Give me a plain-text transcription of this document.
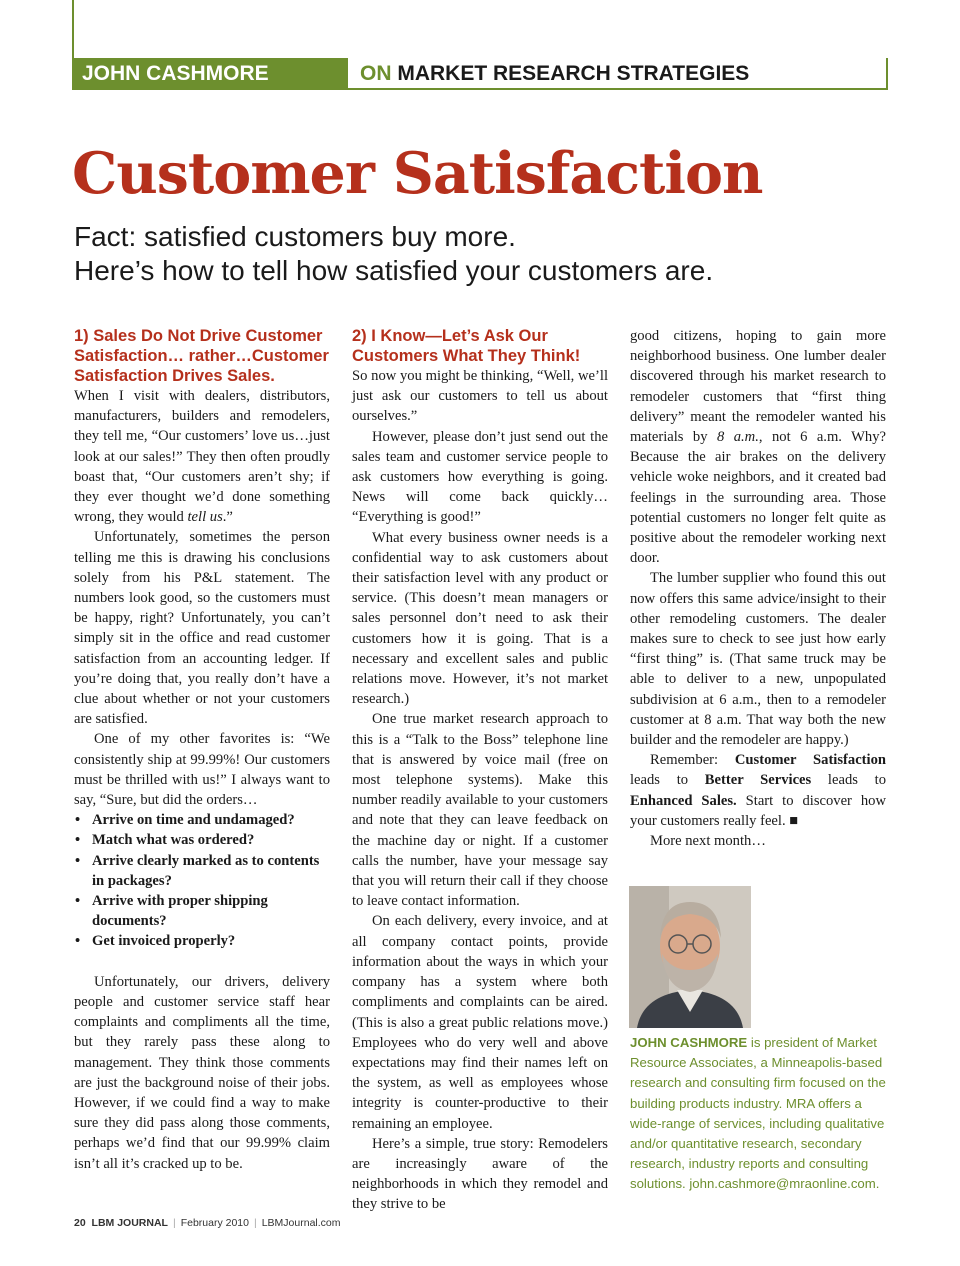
JOHN CASHMORE	ON MARKET RESEARCH STRATEGIES
Customer Satisfaction
Fact: satisfied customers buy more.
Here’s how to tell how satisfied your customers are.
1) Sales Do Not Drive Customer Satisfaction… rather…Customer Satisfaction Drives Sales.

When I visit with dealers, distributors, manufacturers, builders and remodelers, they tell me, “Our customers’ love us…just look at our sales!” They then often proudly boast that, “Our customers aren’t shy; if they ever thought we’d done something wrong, they would tell us.”

Unfortunately, sometimes the person telling me this is drawing his conclusions solely from his P&L statement. The numbers look good, so the customers must be happy, right? Unfortunately, you can’t simply sit in the office and read customer satisfaction from an accounting ledger. If you’re doing that, you really don’t have a clue about whether or not your customers are satisfied.

One of my other favorites is: “We consistently ship at 99.99%! Our customers must be thrilled with us!” I always want to say, “Sure, but did the orders…

• Arrive on time and undamaged?
• Match what was ordered?
• Arrive clearly marked as to contents in packages?
• Arrive with proper shipping documents?
• Get invoiced properly?

Unfortunately, our drivers, delivery people and customer service staff hear complaints and compliments all the time, but they rarely pass these along to management. They think those comments are just the background noise of their jobs. However, if we could find a way to make sure they did pass along those comments, perhaps we’d find that our 99.99% claim isn’t all it’s cracked up to be.

2) I Know—Let’s Ask Our Customers What They Think!

So now you might be thinking, “Well, we’ll just ask our customers to tell us about ourselves.”

However, please don’t just send out the sales team and customer service people to ask customers how everything is going. News will come back quickly… “Everything is good!”

What every business owner needs is a confidential way to ask customers about their satisfaction level with any product or service. (This doesn’t mean managers or sales personnel don’t need to ask their customers how it is going. That is a necessary and excellent sales and public relations move. However, it’s not market research.)

One true market research approach to this is a “Talk to the Boss” telephone line that is answered by voice mail (free on most telephone systems). Make this number readily available to your customers and note that they can leave feedback on the machine day or night. If a customer calls the number, have your message say that you will return their call if they choose to leave contact information.

On each delivery, every invoice, and at all company contact points, provide information about the ways in which your company has a system where both compliments and complaints can be aired. (This is also a great public relations move.) Employees who do very well and above expectations may find their names left on the system, as well as employees whose integrity is counter-productive to their remaining an employee.

Here’s a simple, true story: Remodelers are increasingly aware of the neighborhoods in which they remodel and they strive to be

good citizens, hoping to gain more neighborhood business. One lumber dealer discovered through his market research to remodeler customers that “first thing delivery” meant the remodeler wanted his materials by 8 a.m., not 6 a.m. Why? Because the air brakes on the delivery vehicle woke neighbors, and it created bad feelings in the surrounding area. Those potential customers no longer felt quite as positive about the remodeler working next door.

The lumber supplier who found this out now offers this same advice/insight to their other remodeling customers. The dealer makes sure to check to see just how early “first thing” is. (That same truck may be able to deliver to a new, unpopulated subdivision at 6 a.m., then to a remodeler customer at 8 a.m. That way both the new builder and the remodeler are happy.)

Remember: Customer Satisfaction leads to Better Services leads to Enhanced Sales. Start to discover how your customers really feel. ■

More next month…

JOHN CASHMORE is president of Market Resource Associates, a Minneapolis-based research and consulting firm focused on the building products industry. MRA offers a wide-range of services, including qualitative and/or quantitative research, secondary research, industry reports and consulting solutions. john.cashmore@mraonline.com.
20 LBM JOURNAL | February 2010 | LBMJournal.com
